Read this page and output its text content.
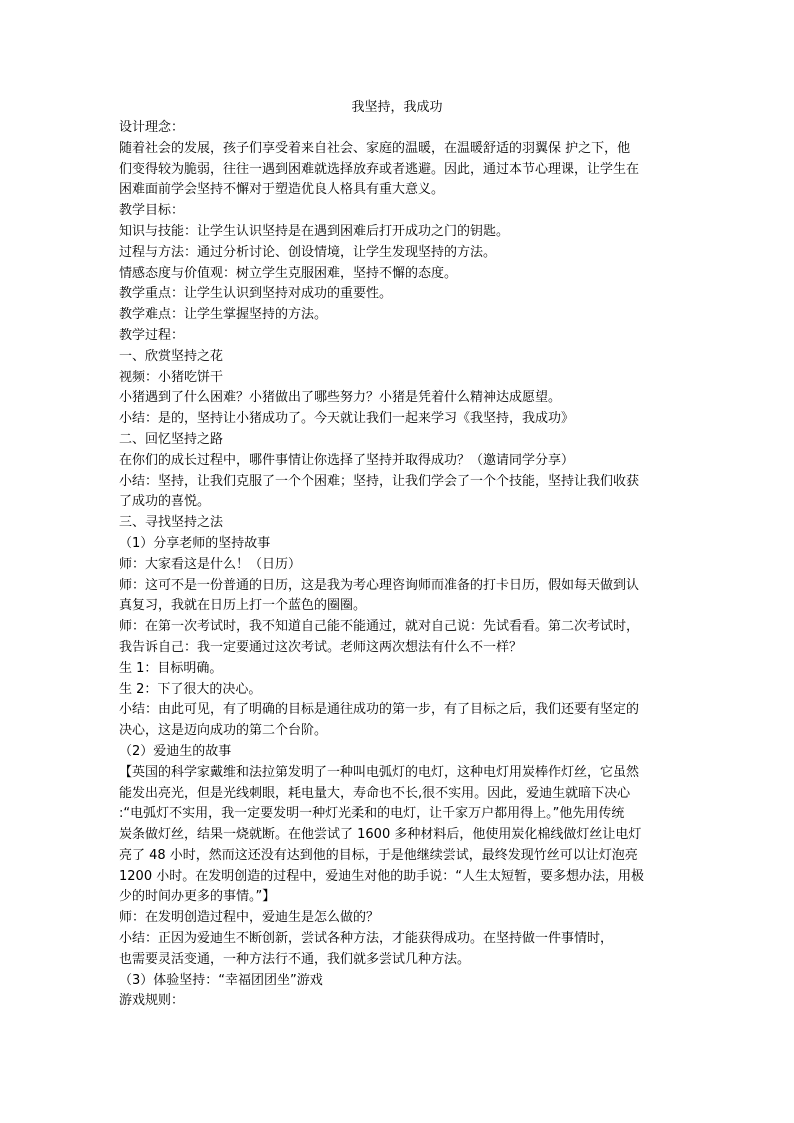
我坚持，我成功

设计理念：

随着社会的发展，孩子们享受着来自社会、家庭的温暖，在温暖舒适的羽翼保 护之下，他

们变得较为脆弱，往往一遇到困难就选择放弃或者逃避。因此，通过本节心理课，让学生在

困难面前学会坚持不懈对于塑造优良人格具有重大意义。

教学目标：

知识与技能：让学生认识坚持是在遇到困难后打开成功之门的钥匙。

过程与方法：通过分析讨论、创设情境，让学生发现坚持的方法。

情感态度与价值观：树立学生克服困难，坚持不懈的态度。

教学重点：让学生认识到坚持对成功的重要性。

教学难点：让学生掌握坚持的方法。

教学过程：

一、欣赏坚持之花

视频：小猪吃饼干

小猪遇到了什么困难？小猪做出了哪些努力？小猪是凭着什么精神达成愿望。

小结：是的，坚持让小猪成功了。今天就让我们一起来学习《我坚持，我成功》

二、回忆坚持之路

在你们的成长过程中，哪件事情让你选择了坚持并取得成功？（邀请同学分享）

小结：坚持，让我们克服了一个个困难；坚持，让我们学会了一个个技能，坚持让我们收获

了成功的喜悦。

三、寻找坚持之法

（1）分享老师的坚持故事

师：大家看这是什么！（日历）

师：这可不是一份普通的日历，这是我为考心理咨询师而准备的打卡日历，假如每天做到认

真复习，我就在日历上打一个蓝色的圈圈。

师：在第一次考试时，我不知道自己能不能通过，就对自己说：先试看看。第二次考试时，

我告诉自己：我一定要通过这次考试。老师这两次想法有什么不一样？

生 1：目标明确。

生 2：下了很大的决心。

小结：由此可见，有了明确的目标是通往成功的第一步，有了目标之后，我们还要有坚定的

决心，这是迈向成功的第二个台阶。

（2）爱迪生的故事

【英国的科学家戴维和法拉第发明了一种叫电弧灯的电灯，这种电灯用炭棒作灯丝，它虽然

能发出亮光，但是光线刺眼，耗电量大，寿命也不长,很不实用。因此，爱迪生就暗下决心

:“电弧灯不实用，我一定要发明一种灯光柔和的电灯，让千家万户都用得上。”他先用传统

炭条做灯丝，结果一烧就断。在他尝试了 1600 多种材料后，他使用炭化棉线做灯丝让电灯

亮了 48 小时，然而这还没有达到他的目标，于是他继续尝试，最终发现竹丝可以让灯泡亮

1200 小时。在发明创造的过程中，爱迪生对他的助手说：“人生太短暂，要多想办法，用极

少的时间办更多的事情。”】

师：在发明创造过程中，爱迪生是怎么做的？

小结：正因为爱迪生不断创新，尝试各种方法，才能获得成功。在坚持做一件事情时，

也需要灵活变通，一种方法行不通，我们就多尝试几种方法。

（3）体验坚持：“幸福团团坐”游戏

游戏规则：
